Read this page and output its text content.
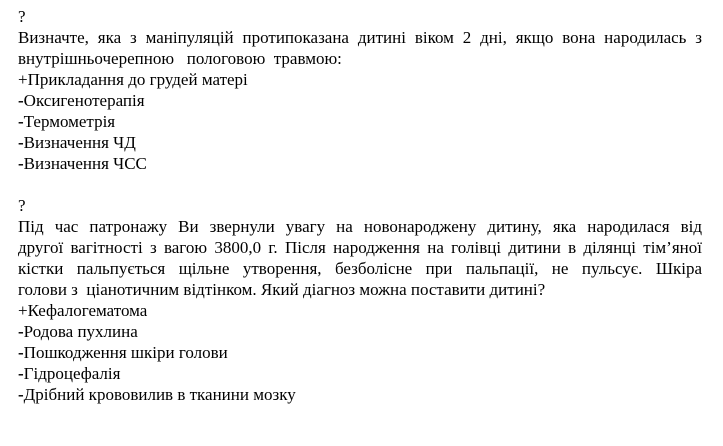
?
Визначте, яка з маніпуляцій протипоказана дитині віком 2 дні, якщо вона народилась з
внутрішньочерепною   пологовою  травмою:
+Прикладання до грудей матері
-Оксигенотерапія
-Термометрія
-Визначення ЧД
-Визначення ЧСС
?
Під час патронажу Ви звернули увагу на новонароджену дитину, яка народилася від
другої вагітності з вагою 3800,0 г. Після народження на голівці дитини в ділянці тім’яної
кістки пальпується щільне утворення, безболісне при пальпації, не пульсує. Шкіра
голови з  ціанотичним відтінком. Який діагноз можна поставити дитині?
+Кефалогематома
-Родова пухлина
-Пошкодження шкіри голови
-Гідроцефалія
-Дрібний крововилив в тканини мозку
